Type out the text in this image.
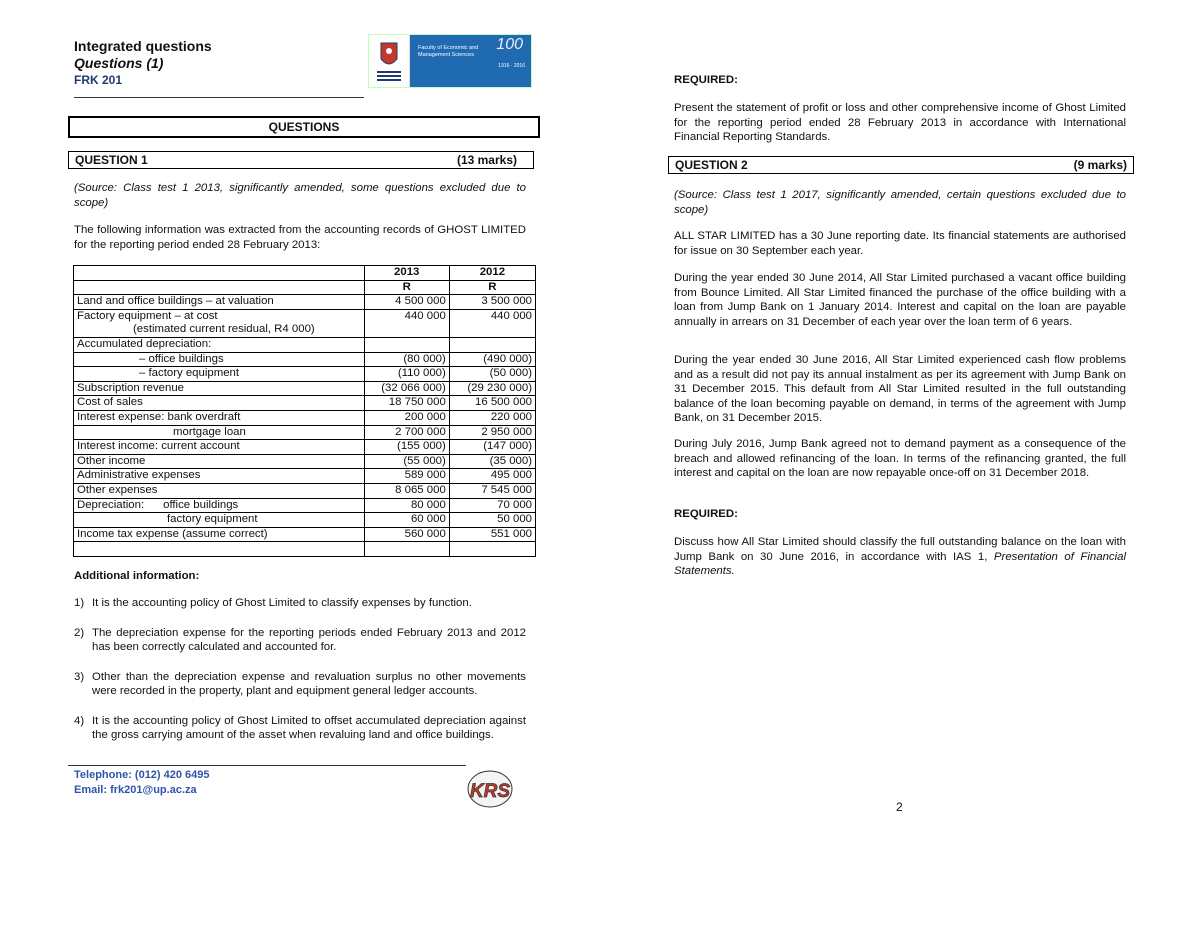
Integrated questions
Questions (1)
FRK 201
Faculty of Economic and
Management Sciences
100
1916 · 2016
QUESTIONS
QUESTION 1	(13 marks)

(Source: Class test 1 2013, significantly amended, some questions excluded due to scope)

The following information was extracted from the accounting records of GHOST LIMITED for the reporting period ended 28 February 2013:

	2013	2012
	R	R

Land and office buildings – at valuation	4 500 000	3 500 000

Factory equipment – at cost
(estimated current residual, R4 000)	440 000	440 000

Accumulated depreciation:		

– office buildings	(80 000)	(490 000)

– factory equipment	(110 000)	(50 000)

Subscription revenue	(32 066 000)	(29 230 000)

Cost of sales	18 750 000	16 500 000

Interest expense: bank overdraft	200 000	220 000

mortgage loan	2 700 000	2 950 000

Interest income: current account	(155 000)	(147 000)

Other income	(55 000)	(35 000)

Administrative expenses	589 000	495 000

Other expenses	8 065 000	7 545 000

Depreciation:      office buildings	80 000	70 000

factory equipment	60 000	50 000

Income tax expense (assume correct)	560 000	551 000

Additional information:
1) It is the accounting policy of Ghost Limited to classify expenses by function.
2) The depreciation expense for the reporting periods ended February 2013 and 2012 has been correctly calculated and accounted for.
3) Other than the depreciation expense and revaluation surplus no other movements were recorded in the property, plant and equipment general ledger accounts.
4) It is the accounting policy of Ghost Limited to offset accumulated depreciation against the gross carrying amount of the asset when revaluing land and office buildings.
Telephone: (012) 420 6495
Email: frk201@up.ac.za	KRS
REQUIRED:

Present the statement of profit or loss and other comprehensive income of Ghost Limited for the reporting period ended 28 February 2013 in accordance with International Financial Reporting Standards.

QUESTION 2	(9 marks)

(Source: Class test 1 2017, significantly amended, certain questions excluded due to scope)

ALL STAR LIMITED has a 30 June reporting date. Its financial statements are authorised for issue on 30 September each year.

During the year ended 30 June 2014, All Star Limited purchased a vacant office building from Bounce Limited. All Star Limited financed the purchase of the office building with a loan from Jump Bank on 1 January 2014. Interest and capital on the loan are payable annually in arrears on 31 December of each year over the loan term of 6 years.

During the year ended 30 June 2016, All Star Limited experienced cash flow problems and as a result did not pay its annual instalment as per its agreement with Jump Bank on 31 December 2015. This default from All Star Limited resulted in the full outstanding balance of the loan becoming payable on demand, in terms of the agreement with Jump Bank, on 31 December 2015.

During July 2016, Jump Bank agreed not to demand payment as a consequence of the breach and allowed refinancing of the loan. In terms of the refinancing granted, the full interest and capital on the loan are now repayable once-off on 31 December 2018.

REQUIRED:

Discuss how All Star Limited should classify the full outstanding balance on the loan with Jump Bank on 30 June 2016, in accordance with IAS 1, Presentation of Financial Statements.

2
